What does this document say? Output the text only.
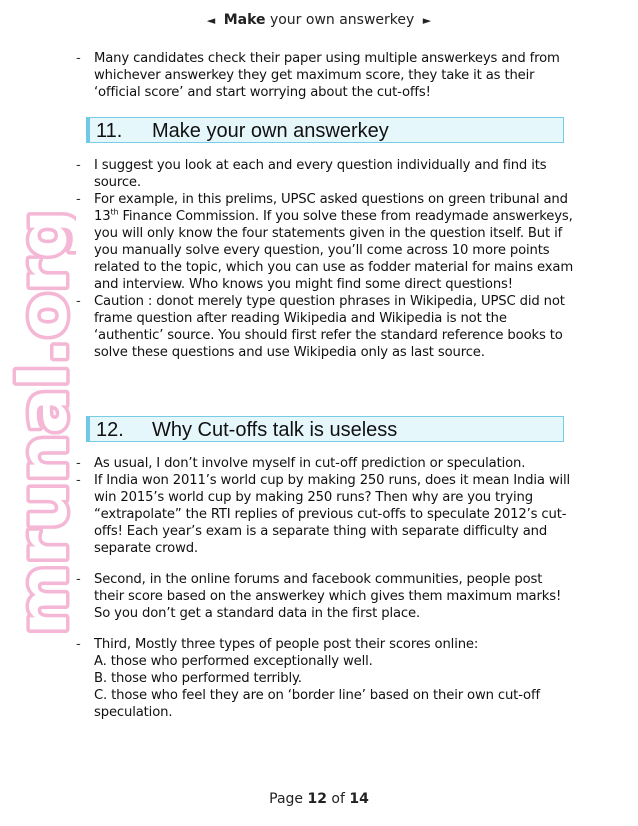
◄ Make your own answerkey ►
mrunal.org
- Many candidates check their paper using multiple answerkeys and from whichever answerkey they get maximum score, they take it as their ‘official score’ and start worrying about the cut-offs!
11. Make your own answerkey
- I suggest you look at each and every question individually and find its source.
- For example, in this prelims, UPSC asked questions on green tribunal and 13th Finance Commission. If you solve these from readymade answerkeys, you will only know the four statements given in the question itself. But if you manually solve every question, you’ll come across 10 more points related to the topic, which you can use as fodder material for mains exam and interview. Who knows you might find some direct questions!
- Caution : donot merely type question phrases in Wikipedia, UPSC did not frame question after reading Wikipedia and Wikipedia is not the ‘authentic’ source. You should first refer the standard reference books to solve these questions and use Wikipedia only as last source.
12. Why Cut-offs talk is useless
- As usual, I don’t involve myself in cut-off prediction or speculation.
- If India won 2011’s world cup by making 250 runs, does it mean India will win 2015’s world cup by making 250 runs? Then why are you trying “extrapolate” the RTI replies of previous cut-offs to speculate 2012’s cut-offs! Each year’s exam is a separate thing with separate difficulty and separate crowd.
- Second, in the online forums and facebook communities, people post their score based on the answerkey which gives them maximum marks! So you don’t get a standard data in the first place.
- Third, Mostly three types of people post their scores online:
A. those who performed exceptionally well.
B. those who performed terribly.
C. those who feel they are on ‘border line’ based on their own cut-off speculation.
Page 12 of 14
